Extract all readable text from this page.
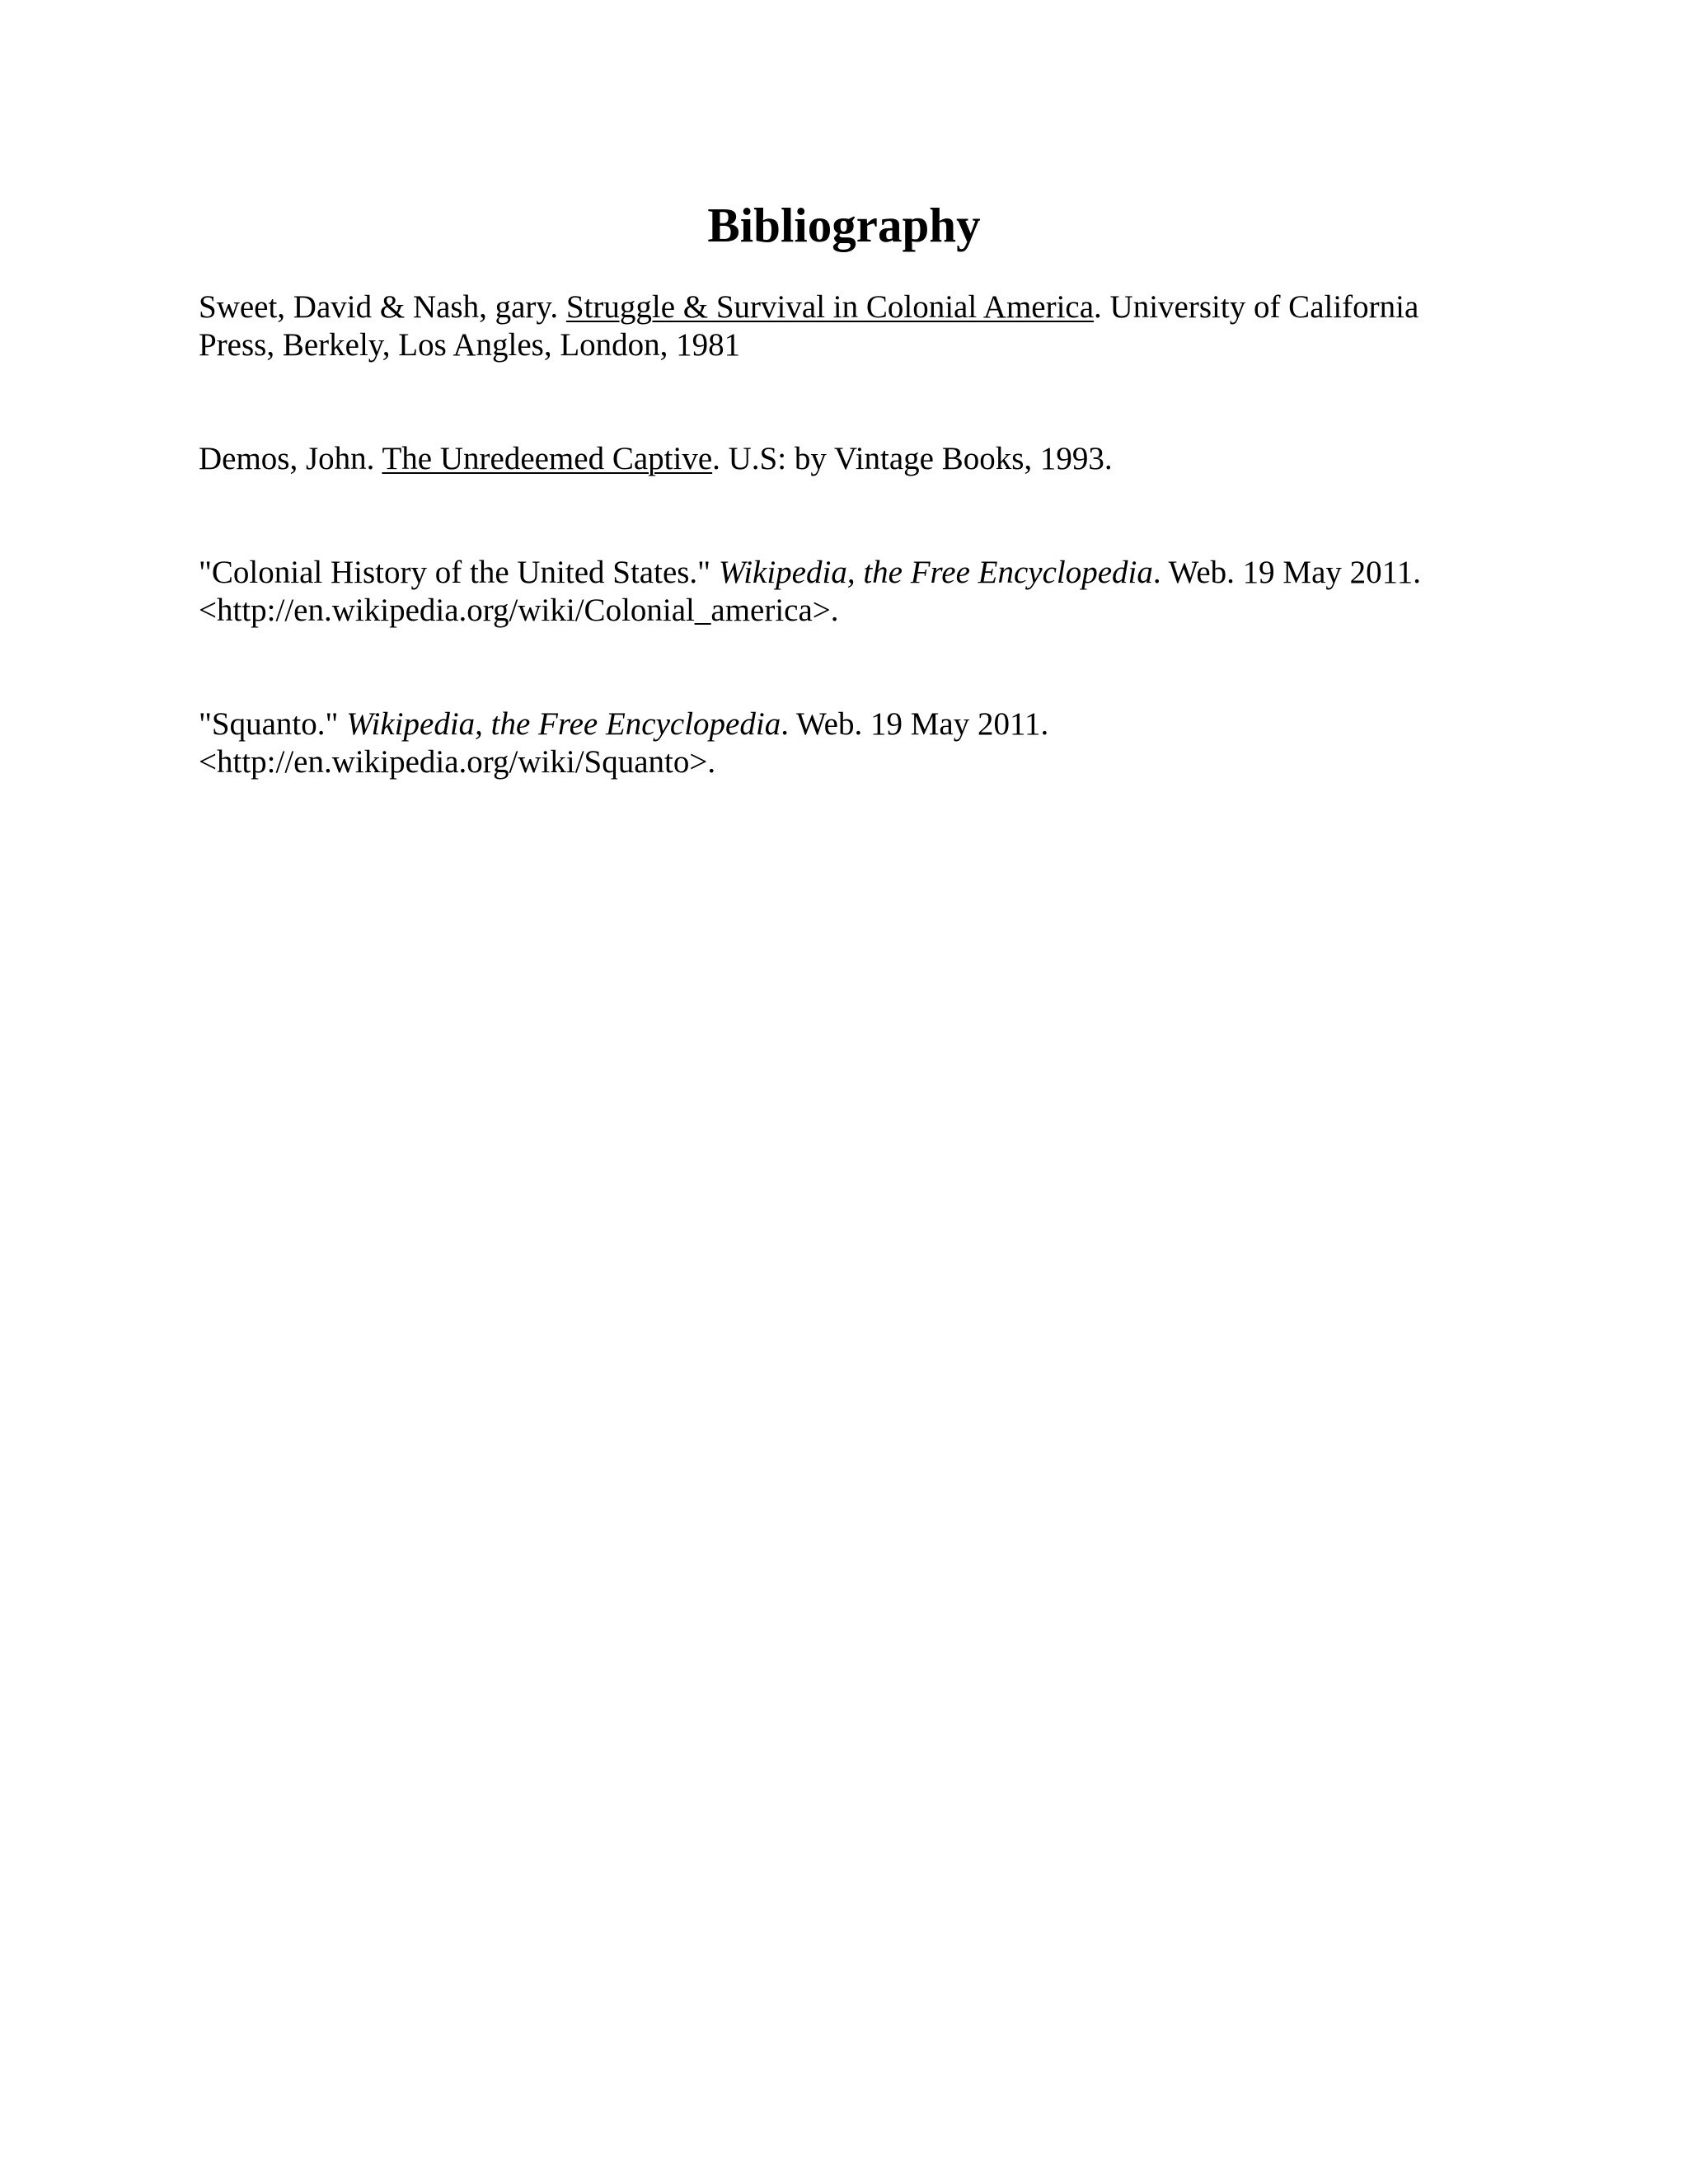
Bibliography
Sweet, David & Nash, gary. Struggle & Survival in Colonial America. University of California
Press, Berkely, Los Angles, London, 1981
Demos, John. The Unredeemed Captive. U.S: by Vintage Books, 1993.
"Colonial History of the United States." Wikipedia, the Free Encyclopedia. Web. 19 May 2011.
<http://en.wikipedia.org/wiki/Colonial_america>.
"Squanto." Wikipedia, the Free Encyclopedia. Web. 19 May 2011.
<http://en.wikipedia.org/wiki/Squanto>.
